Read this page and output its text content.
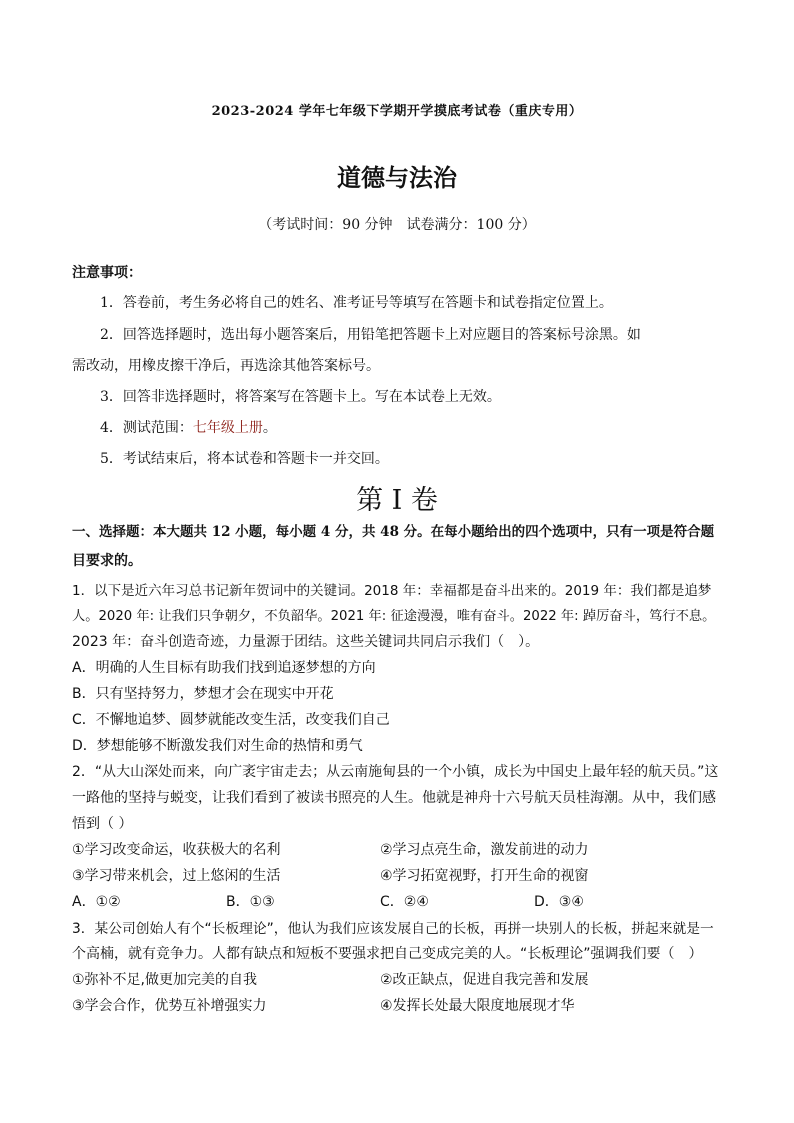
2023-2024 学年七年级下学期开学摸底考试卷（重庆专用）
道德与法治
（考试时间：90 分钟　试卷满分：100 分）
注意事项：
1．答卷前，考生务必将自己的姓名、准考证号等填写在答题卡和试卷指定位置上。
2．回答选择题时，选出每小题答案后，用铅笔把答题卡上对应题目的答案标号涂黑。如
需改动，用橡皮擦干净后，再选涂其他答案标号。
3．回答非选择题时，将答案写在答题卡上。写在本试卷上无效。
4．测试范围：七年级上册。
5．考试结束后，将本试卷和答题卡一并交回。
第 I 卷
一、选择题：本大题共 12 小题，每小题 4 分，共 48 分。在每小题给出的四个选项中，只有一项是符合题
目要求的。
1．以下是近六年习总书记新年贺词中的关键词。2018 年：幸福都是奋斗出来的。2019 年：我们都是追梦
人。2020 年: 让我们只争朝夕，不负韶华。2021 年: 征途漫漫，唯有奋斗。2022 年: 踔厉奋斗，笃行不息。
2023 年：奋斗创造奇迹，力量源于团结。这些关键词共同启示我们（　）。
A．明确的人生目标有助我们找到追逐梦想的方向
B．只有坚持努力，梦想才会在现实中开花
C．不懈地追梦、圆梦就能改变生活，改变我们自己
D．梦想能够不断激发我们对生命的热情和勇气
2．“从大山深处而来，向广袤宇宙走去；从云南施甸县的一个小镇，成长为中国史上最年轻的航天员。”这
一路他的坚持与蜕变，让我们看到了被读书照亮的人生。他就是神舟十六号航天员桂海潮。从中，我们感
悟到（ ）
①学习改变命运，收获极大的名利	②学习点亮生命，激发前进的动力
③学习带来机会，过上悠闲的生活	④学习拓宽视野，打开生命的视窗
A．①②	B．①③	C．②④	D．③④
3．某公司创始人有个“长板理论”，他认为我们应该发展自己的长板，再拼一块别人的长板，拼起来就是一
个高楠，就有竞争力。人都有缺点和短板不要强求把自己变成完美的人。“长板理论”强调我们要（　）
①弥补不足,做更加完美的自我	②改正缺点，促进自我完善和发展
③学会合作，优势互补增强实力	④发挥长处最大限度地展现才华
